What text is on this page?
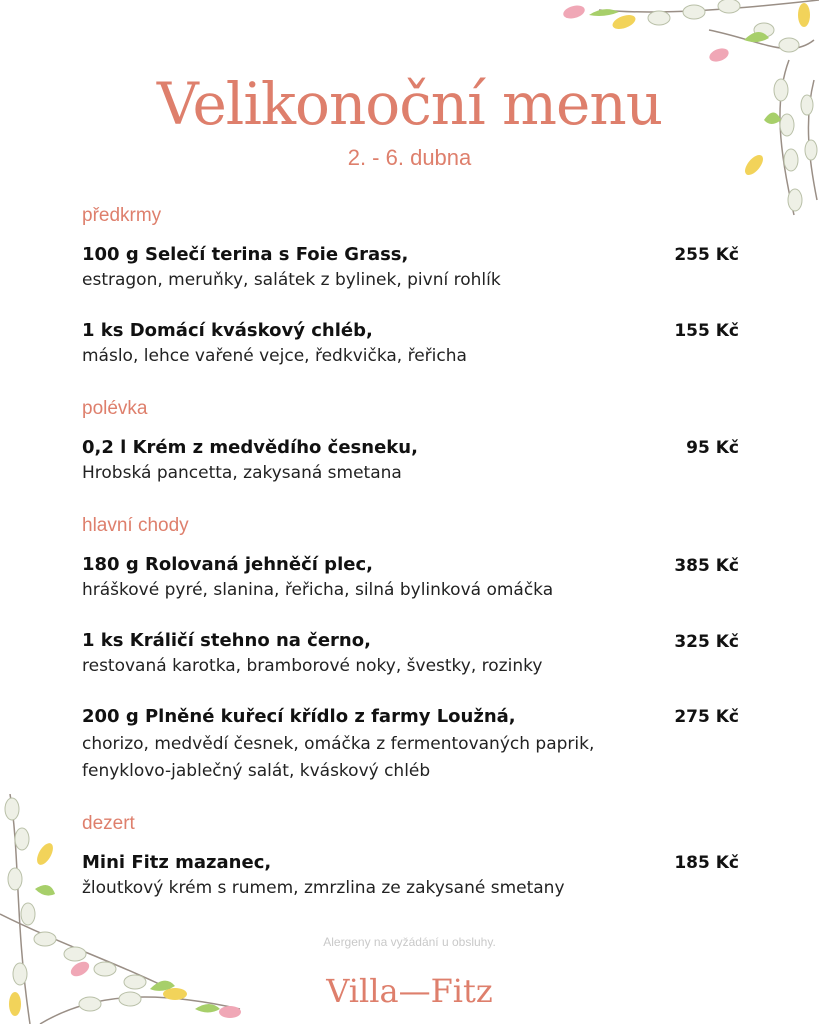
Velikonoční menu
2. - 6. dubna
předkrmy
100 g Selečí terina s Foie Grass,	255 Kč
estragon, meruňky, salátek z bylinek, pivní rohlík
1 ks Domácí kváskový chléb,	155 Kč
máslo, lehce vařené vejce, ředkvička, řeřicha
polévka
0,2 l Krém z medvědího česneku,	95 Kč
Hrobská pancetta, zakysaná smetana
hlavní chody
180 g Rolovaná jehněčí plec,	385 Kč
hráškové pyré, slanina, řeřicha, silná bylinková omáčka
1 ks Králičí stehno na černo,	325 Kč
restovaná karotka, bramborové noky, švestky, rozinky
200 g Plněné kuřecí křídlo z farmy Loužná,	275 Kč
chorizo, medvědí česnek, omáčka z fermentovaných paprik,
fenyklovo-jablečný salát, kváskový chléb
dezert
Mini Fitz mazanec,	185 Kč
žloutkový krém s rumem, zmrzlina ze zakysané smetany
Alergeny na vyžádání u obsluhy.
Villa—Fitz
